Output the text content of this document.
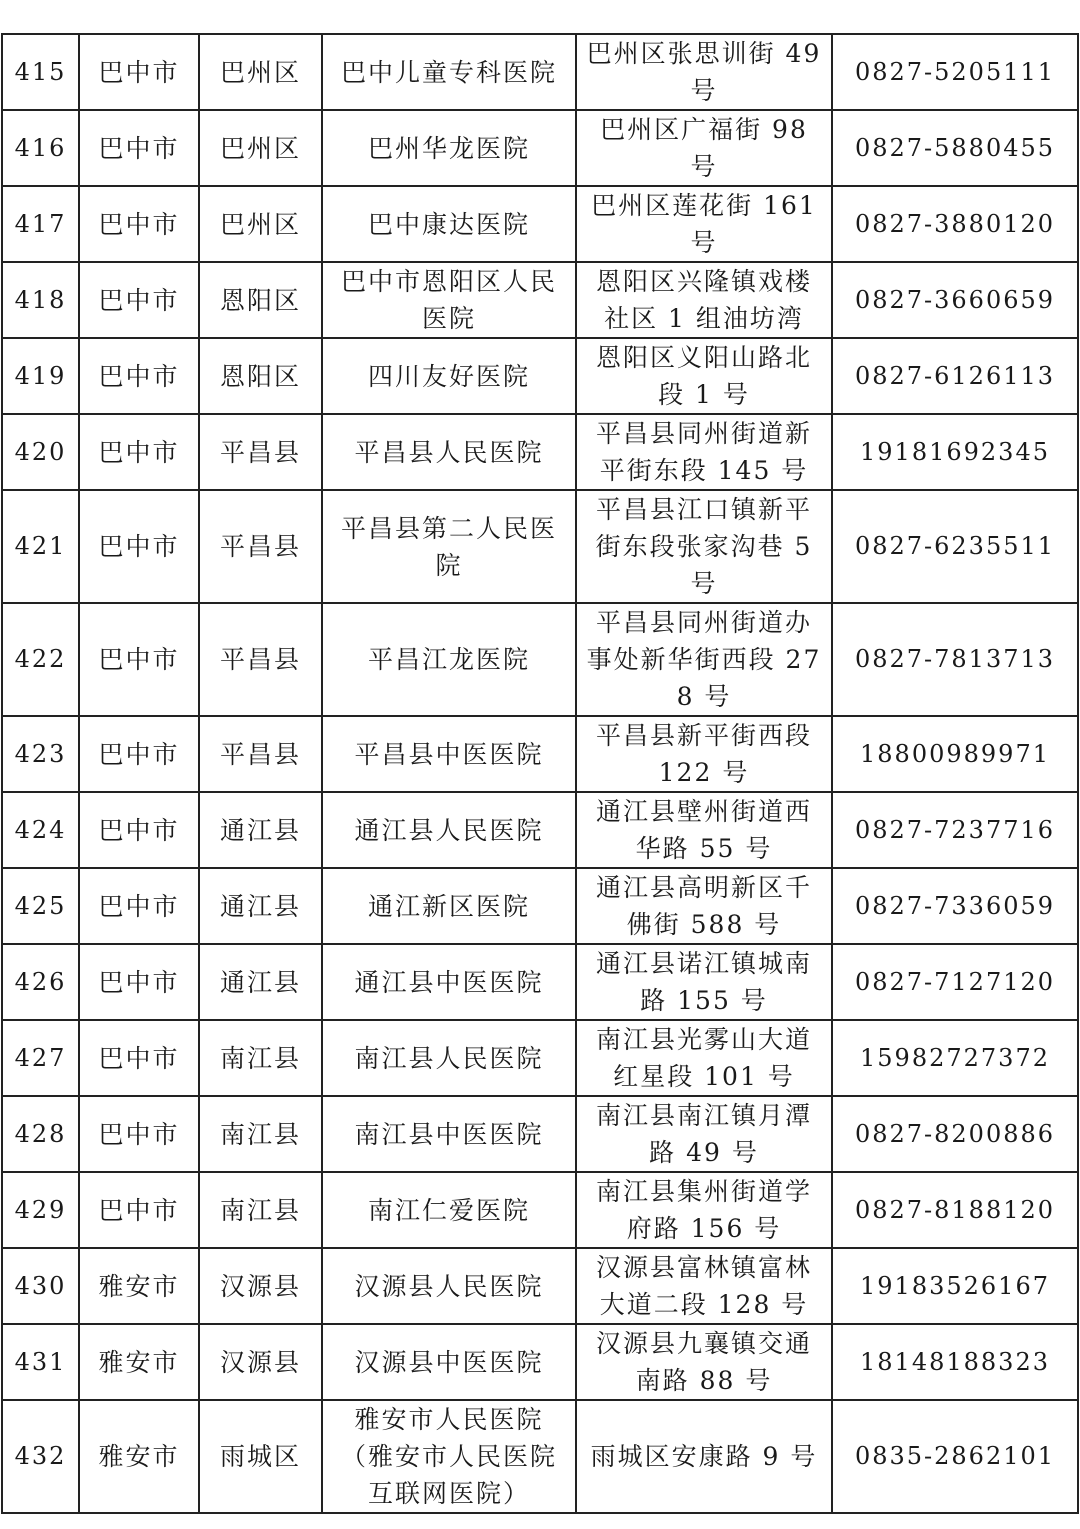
415	巴中市	巴州区	巴中儿童专科医院	巴州区张思训街 49 号	0827-5205111
416	巴中市	巴州区	巴州华龙医院	巴州区广福街 98 号	0827-5880455
417	巴中市	巴州区	巴中康达医院	巴州区莲花街 161 号	0827-3880120
418	巴中市	恩阳区	巴中市恩阳区人民医院	恩阳区兴隆镇戏楼社区 1 组油坊湾	0827-3660659
419	巴中市	恩阳区	四川友好医院	恩阳区义阳山路北段 1 号	0827-6126113
420	巴中市	平昌县	平昌县人民医院	平昌县同州街道新平街东段 145 号	19181692345
421	巴中市	平昌县	平昌县第二人民医院	平昌县江口镇新平街东段张家沟巷 5 号	0827-6235511
422	巴中市	平昌县	平昌江龙医院	平昌县同州街道办事处新华街西段 278 号	0827-7813713
423	巴中市	平昌县	平昌县中医医院	平昌县新平街西段 122 号	18800989971
424	巴中市	通江县	通江县人民医院	通江县壁州街道西华路 55 号	0827-7237716
425	巴中市	通江县	通江新区医院	通江县高明新区千佛街 588 号	0827-7336059
426	巴中市	通江县	通江县中医医院	通江县诺江镇城南路 155 号	0827-7127120
427	巴中市	南江县	南江县人民医院	南江县光雾山大道红星段 101 号	15982727372
428	巴中市	南江县	南江县中医医院	南江县南江镇月潭路 49 号	0827-8200886
429	巴中市	南江县	南江仁爱医院	南江县集州街道学府路 156 号	0827-8188120
430	雅安市	汉源县	汉源县人民医院	汉源县富林镇富林大道二段 128 号	19183526167
431	雅安市	汉源县	汉源县中医医院	汉源县九襄镇交通南路 88 号	18148188323
432	雅安市	雨城区	雅安市人民医院（雅安市人民医院互联网医院）	雨城区安康路 9 号	0835-2862101
